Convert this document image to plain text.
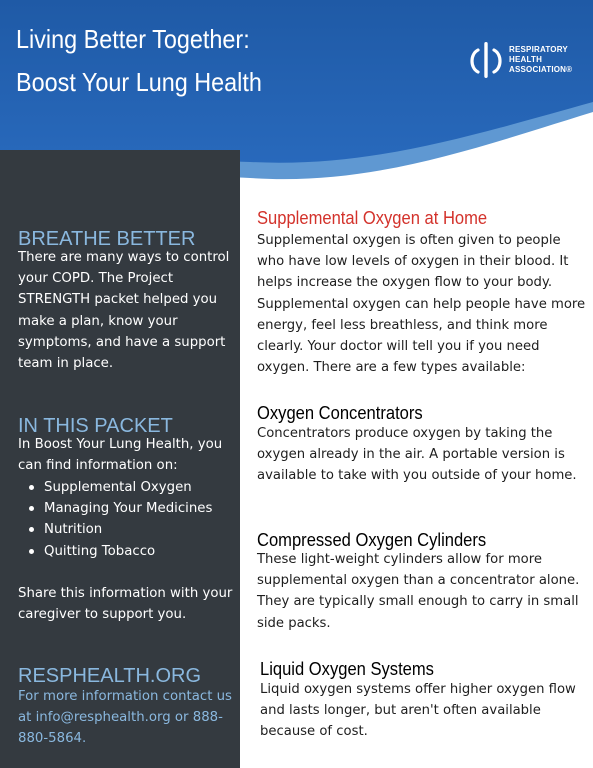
Living Better Together:
Boost Your Lung Health
RESPIRATORY
HEALTH
ASSOCIATION®
BREATHE BETTER
There are many ways to control your COPD. The Project STRENGTH packet helped you make a plan, know your symptoms, and have a support team in place.
IN THIS PACKET
In Boost Your Lung Health, you can find information on:
Supplemental Oxygen
Managing Your Medicines
Nutrition
Quitting Tobacco
Share this information with your caregiver to support you.
RESPHEALTH.ORG
For more information contact us at info@resphealth.org or 888-880-5864.
Supplemental Oxygen at Home
Supplemental oxygen is often given to people who have low levels of oxygen in their blood. It helps increase the oxygen flow to your body. Supplemental oxygen can help people have more energy, feel less breathless, and think more clearly. Your doctor will tell you if you need oxygen. There are a few types available:
Oxygen Concentrators
Concentrators produce oxygen by taking the oxygen already in the air. A portable version is available to take with you outside of your home.
Compressed Oxygen Cylinders
These light-weight cylinders allow for more supplemental oxygen than a concentrator alone. They are typically small enough to carry in small side packs.
Liquid Oxygen Systems
Liquid oxygen systems offer higher oxygen flow and lasts longer, but aren't often available because of cost.
